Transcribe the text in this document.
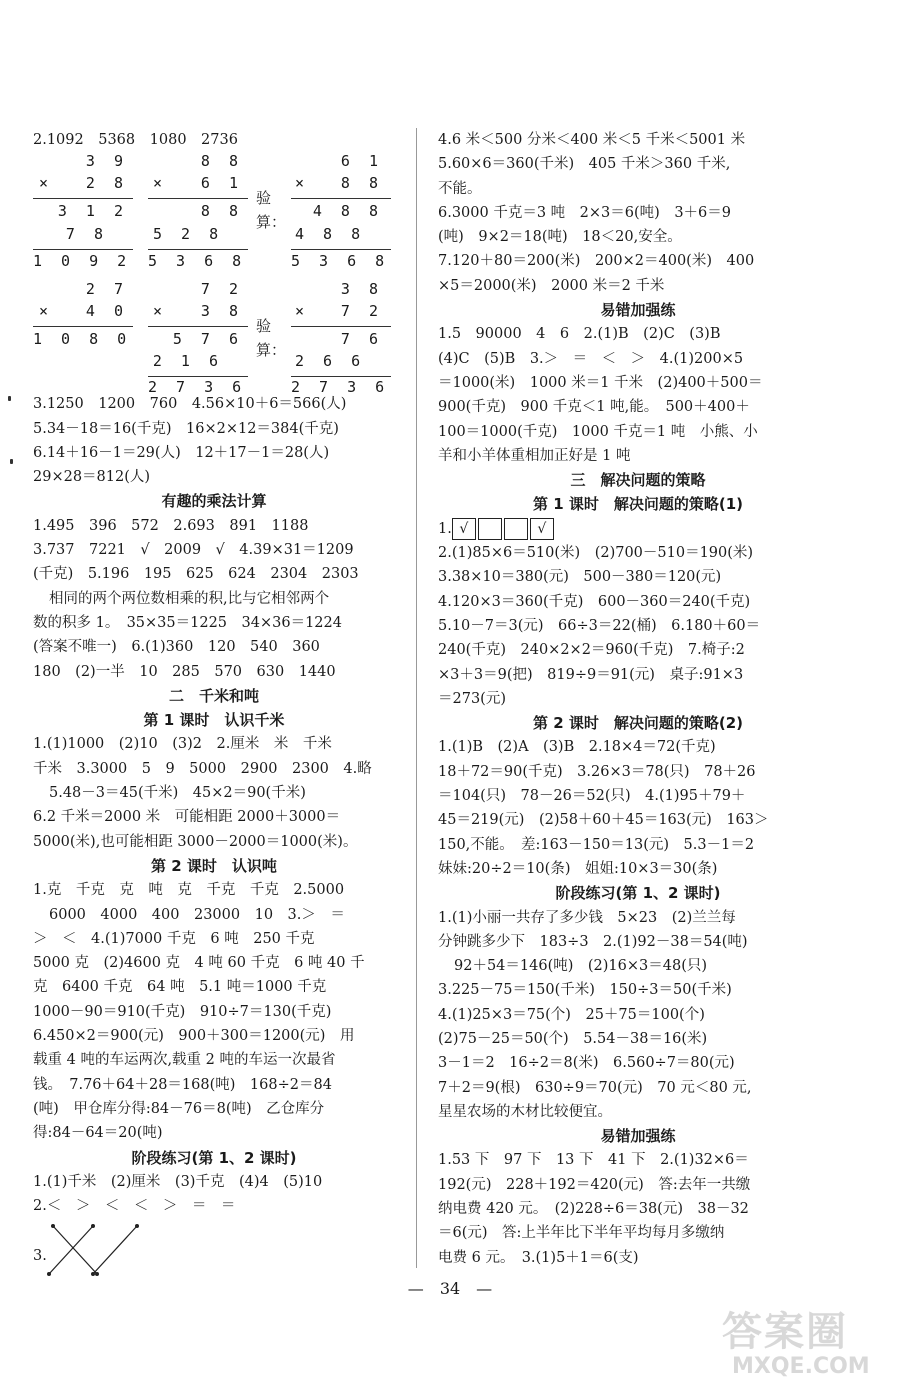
2.1092　5368　1080　2736
3 9
×	2 8
3 1 2
7 8
1 0 9 2
8 8
×	6 1
8 8
5 2 8
5 3 6 8
验算：
6 1
×	8 8
4 8 8
4 8 8
5 3 6 8
2 7
×	4 0
1 0 8 0
7 2
×	3 8
5 7 6
2 1 6
2 7 3 6
验算：
3 8
×	7 2
7 6
2 6 6
2 7 3 6
3.1250　1200　760　4.56×10＋6＝566(人)
5.34－18＝16(千克)　16×2×12＝384(千克)
6.14＋16－1＝29(人)　12＋17－1＝28(人)
29×28＝812(人)
有趣的乘法计算
1.495　396　572　2.693　891　1188
3.737　7221　√　2009　√　4.39×31＝1209
(千克)　5.196　195　625　624　2304　2303
相同的两个两位数相乘的积,比与它相邻两个
数的积多 1。　35×35＝1225　34×36＝1224
(答案不唯一)　6.(1)360　120　540　360
180　(2)一半　10　285　570　630　1440
二　千米和吨
第 1 课时　认识千米
1.(1)1000　(2)10　(3)2　2.厘米　米　千米
千米　3.3000　5　9　5000　2900　2300　4.略
5.48－3＝45(千米)　45×2＝90(千米)
6.2 千米＝2000 米　可能相距 2000＋3000＝
5000(米),也可能相距 3000－2000＝1000(米)。
第 2 课时　认识吨
1.克　千克　克　吨　克　千克　千克　2.5000
6000　4000　400　23000　10　3.＞　＝
＞　＜　4.(1)7000 千克　6 吨　250 千克
5000 克　(2)4600 克　4 吨 60 千克　6 吨 40 千
克　6400 千克　64 吨　5.1 吨＝1000 千克
1000－90＝910(千克)　910÷7＝130(千克)
6.450×2＝900(元)　900＋300＝1200(元)　用
载重 4 吨的车运两次,载重 2 吨的车运一次最省
钱。　7.76＋64＋28＝168(吨)　168÷2＝84
(吨)　甲仓库分得:84－76＝8(吨)　乙仓库分
得:84－64＝20(吨)
阶段练习(第 1、2 课时)
1.(1)千米　(2)厘米　(3)千克　(4)4　(5)10
2.＜　＞　＜　＜　＞　＝　＝
3.
4.6 米＜500 分米＜400 米＜5 千米＜5001 米
5.60×6＝360(千米)　405 千米＞360 千米,
不能。
6.3000 千克＝3 吨　2×3＝6(吨)　3＋6＝9
(吨)　9×2＝18(吨)　18＜20,安全。
7.120＋80＝200(米)　200×2＝400(米)　400
×5＝2000(米)　2000 米＝2 千米
易错加强练
1.5　90000　4　6　2.(1)B　(2)C　(3)B
(4)C　(5)B　3.＞　＝　＜　＞　4.(1)200×5
＝1000(米)　1000 米＝1 千米　(2)400＋500＝
900(千克)　900 千克＜1 吨,能。　500＋400＋
100＝1000(千克)　1000 千克＝1 吨　小熊、小
羊和小羊体重相加正好是 1 吨
三　解决问题的策略
第 1 课时　解决问题的策略(1)
1. √	√
2.(1)85×6＝510(米)　(2)700－510＝190(米)
3.38×10＝380(元)　500－380＝120(元)
4.120×3＝360(千克)　600－360＝240(千克)
5.10－7＝3(元)　66÷3＝22(桶)　6.180＋60＝
240(千克)　240×2×2＝960(千克)　7.椅子:2
×3＋3＝9(把)　819÷9＝91(元)　桌子:91×3
＝273(元)
第 2 课时　解决问题的策略(2)
1.(1)B　(2)A　(3)B　2.18×4＝72(千克)
18＋72＝90(千克)　3.26×3＝78(只)　78＋26
＝104(只)　78－26＝52(只)　4.(1)95＋79＋
45＝219(元)　(2)58＋60＋45＝163(元)　163＞
150,不能。　差:163－150＝13(元)　5.3－1＝2
妹妹:20÷2＝10(条)　姐姐:10×3＝30(条)
阶段练习(第 1、2 课时)
1.(1)小丽一共存了多少钱　5×23　(2)兰兰每
分钟跳多少下　183÷3　2.(1)92－38＝54(吨)
92＋54＝146(吨)　(2)16×3＝48(只)
3.225－75＝150(千米)　150÷3＝50(千米)
4.(1)25×3＝75(个)　25＋75＝100(个)
(2)75－25＝50(个)　5.54－38＝16(米)
3－1＝2　16÷2＝8(米)　6.560÷7＝80(元)
7＋2＝9(根)　630÷9＝70(元)　70 元＜80 元,
星星农场的木材比较便宜。
易错加强练
1.53 下　97 下　13 下　41 下　2.(1)32×6＝
192(元)　228＋192＝420(元)　答:去年一共缴
纳电费 420 元。　(2)228÷6＝38(元)　38－32
＝6(元)　答:上半年比下半年平均每月多缴纳
电费 6 元。　3.(1)5＋1＝6(支)
—　34　—
答案圈
MXQE.COM
